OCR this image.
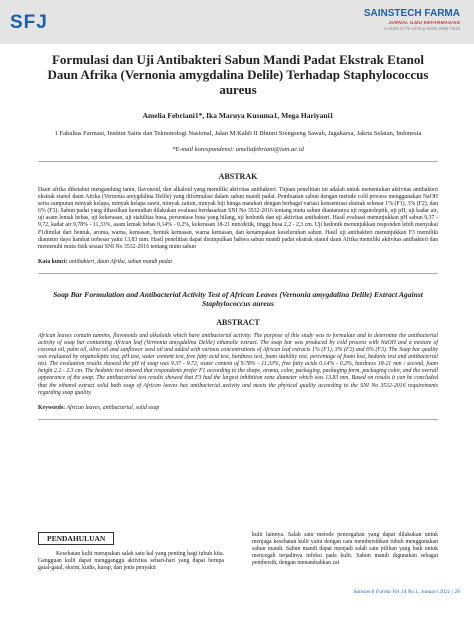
SFJ	SAINSTECH FARMA
JURNAL ILMU KEFARMASIAN
e-ISSN 2776-1878 p-ISSN 2086-7816
Formulasi dan Uji Antibakteri Sabun Mandi Padat Ekstrak Etanol Daun Afrika (Vernonia amygdalina Delile) Terhadap Staphylococcus aureus
Amelia Febriani1*, Ika Maruya Kusuma1, Mega Hariyani1
1 Fakultas Farmasi, Institut Sains dan Teknonologi Nasional, Jalan M.Kahfi II Bhumi Srengseng Sawah, Jagakarsa, Jakrta Selatan, Indonesia
*E-mail korespondensi: ameliafebriani@istn.ac.id
ABSTRAK
Daun afrika diketahui mengandung tanin, flavonoid, dan alkaloid yang memiliki aktivitas antibakteri. Tujuan penelitian ini adalah untuk menentukan aktivitas antibakteri ekstrak etanol daun Afrika (Vernonia amygdalina Delile) yang diformulasi dalam sabun mandi padat. Pembuatan sabun dengan metode cold process menggunakan NaOH serta campuran minyak kelapa, minyak kelapa sawit, minyak zaitun, minyak biji bunga matahari dengan berbagai variasi konsentrasi ekstrak sebesar 1% (F1), 3% (F2), dan 6% (F3). Sabun padat yang dihasilkan kemudian dilakukan evaluasi berdasarkan SNI No 3532-2016 tentang mutu sabun diantaranya uji organoleptik, uji pH, uji kadar air, uji asam lemak bebas, uji kekerasan, uji stabilitas busa, persentase busa yang hilang, uji hedonik dan uji aktivitas antibakteri. Hasil evaluasi menunjukkan pH sabun 9,37 - 9,72, kadar air 9,78% - 11,33%, asam lemak bebas 0,14% - 0,2%, kekerasan 18-21 mm/detik, tinggi busa 2,2 - 2,3 cm. Uji hedonik menunjukkan responden lebih menyukai F1dimilai dari bentuk, aroma, warna, kemasan, bentuk kemasan, warna kemasan, dan kenampakan keseluruhan sabun. Hasil uji antibakteri menunjukkan F3 memiliki diameter daya hambat terbesar yaitu 13,83 mm. Hasil penelitian dapat disimpulkan bahwa sabun mandi padat ekstrak etanol daun Afrika memiliki aktivitas antibakteri dan memenuhi mutu fisik sesuai SNI No 3532-2016 tentang mutu sabun
Kata kunci: antibakteri, daun Afrika, sabun mandi padat
Soap Bar Formulation and Antibacterial Activity Test of African Leaves (Vernonia amygdalina Delile) Extract Against Staphylococcus aureus
ABSTRACT
African leaves contain tannins, flavonoids and alkaloids which have antibacterial activity. The purpose of this study was to formulate and to determine the antibacterial activity of soap bar containing African leaf (Vernonia amygdalina Delile) ethanolic extract. The soap bar was produced by cold process with NaOH and a mixture of coconut oil, palm oil, olive oil and sunflower seed oil and added with various concentrations of African leaf extracts 1% (F1), 3% (F2) and 6% (F3). The Soap bar quality was evaluated by organoleptic test, pH test, water content test, free fatty acid test, hardness test, foam stability test, percentage of foam lost, hedonic test and antibacterial test. The evaluation results showed the pH of soap was 9.37 - 9.72, water content of 9.78% - 11.33%, free fatty acids 0.14% - 0.2%, hardness 18-21 mm / second, foam height 2.2 - 2.3 cm. The hedonic test showed that respondents prefer F1 according to the shape, aroma, color, packaging, packaging form, packaging color, and the overall appearance of the soap. The antibacterial test results showed that F3 had the largest inhibition zone diameter which was 13.83 mm. Based on results it can be concluded that the ethanol extract solid bath soap of African leaves has antibacterial activity and meets the physical quality according to the SNI No 3532-2016 requirements regarding soap quality.
Keywords: African leaves, antibacterial, solid soap
PENDAHULUAN
Kesehatan kulit merupakan salah satu hal yang penting bagi tubuh kita. Gangguan kulit dapat mengganggu aktivitas sehari-hari yang dapat berupa gatal-gatal, eksim, kudis, kurap, dan jenis penyakit
kulit lainnya. Salah satu metode pencegahan yang dapat dilakukan untuk menjaga kesehatan kulit yaitu dengan cara membersihkan tubuh menggunakan sabun mandi. Sabun mandi dapat menjadi salah satu pilihan yang baik untuk mencegah terjadinya infeksi pada kulit. Sabun mandi digunakan sebagai pembersih, dengan menambahkan zat
Sainstech Farma Vol 14 No.1, Januari 2021 | 26
